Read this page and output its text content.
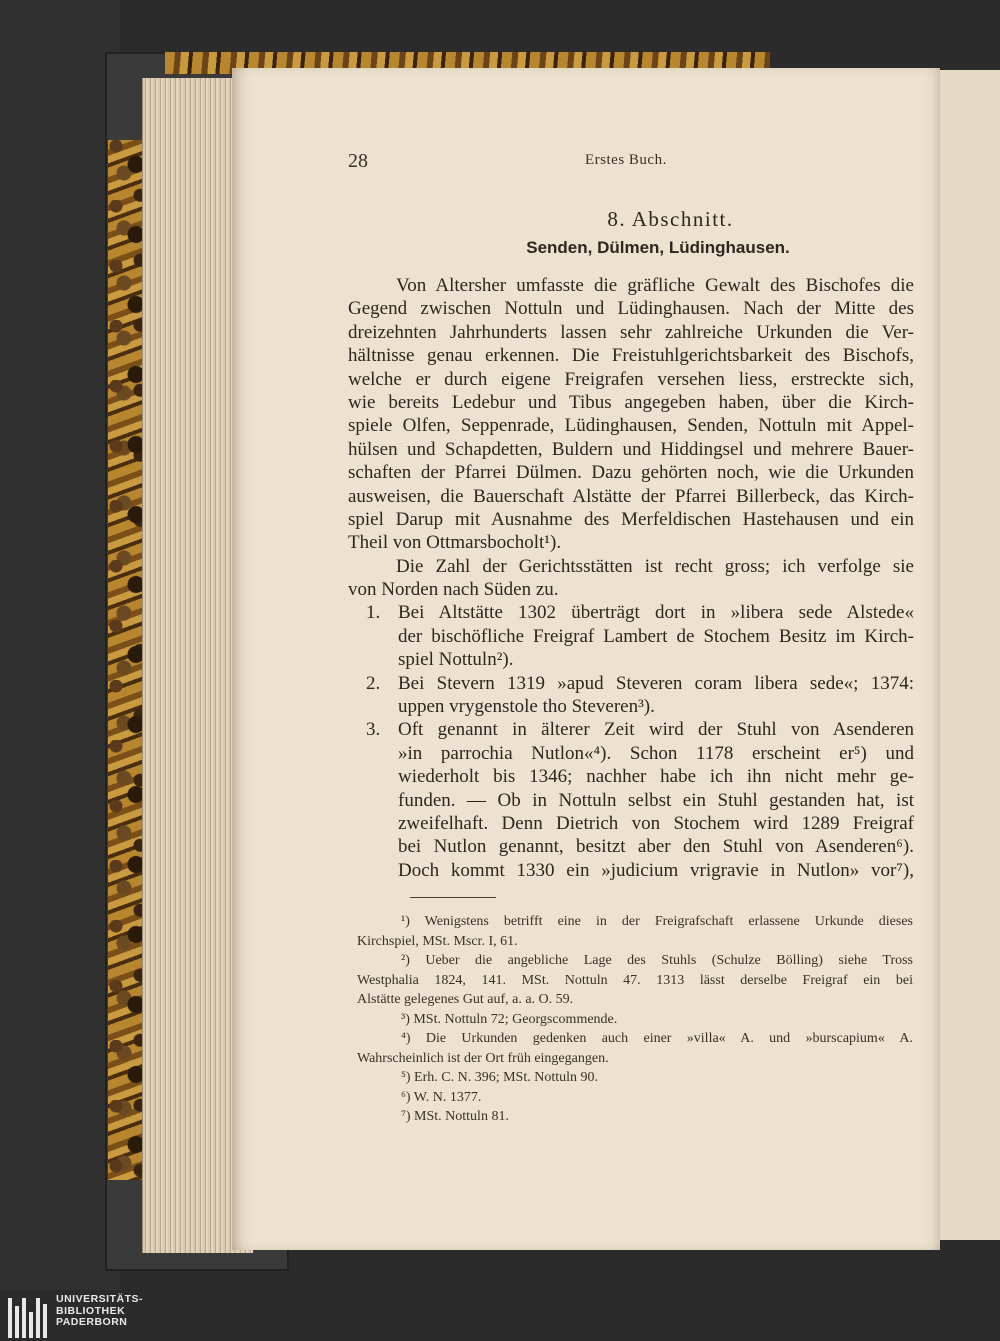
28	Erstes Buch.
8. Abschnitt.
Senden, Dülmen, Lüdinghausen.
Von Altersher umfasste die gräfliche Gewalt des Bischofes die
Gegend zwischen Nottuln und Lüdinghausen. Nach der Mitte des
dreizehnten Jahrhunderts lassen sehr zahlreiche Urkunden die Ver-
hältnisse genau erkennen. Die Freistuhlgerichtsbarkeit des Bischofs,
welche er durch eigene Freigrafen versehen liess, erstreckte sich,
wie bereits Ledebur und Tibus angegeben haben, über die Kirch-
spiele Olfen, Seppenrade, Lüdinghausen, Senden, Nottuln mit Appel-
hülsen und Schapdetten, Buldern und Hiddingsel und mehrere Bauer-
schaften der Pfarrei Dülmen. Dazu gehörten noch, wie die Urkunden
ausweisen, die Bauerschaft Alstätte der Pfarrei Billerbeck, das Kirch-
spiel Darup mit Ausnahme des Merfeldischen Hastehausen und ein
Theil von Ottmarsbocholt¹).
Die Zahl der Gerichtsstätten ist recht gross; ich verfolge sie
von Norden nach Süden zu.
1. Bei Altstätte 1302 überträgt dort in »libera sede Alstede«
der bischöfliche Freigraf Lambert de Stochem Besitz im Kirch-
spiel Nottuln²).
2. Bei Stevern 1319 »apud Steveren coram libera sede«; 1374:
uppen vrygenstole tho Steveren³).
3. Oft genannt in älterer Zeit wird der Stuhl von Asenderen
»in parrochia Nutlon«⁴). Schon 1178 erscheint er⁵) und
wiederholt bis 1346; nachher habe ich ihn nicht mehr ge-
funden. — Ob in Nottuln selbst ein Stuhl gestanden hat, ist
zweifelhaft. Denn Dietrich von Stochem wird 1289 Freigraf
bei Nutlon genannt, besitzt aber den Stuhl von Asenderen⁶).
Doch kommt 1330 ein »judicium vrigravie in Nutlon» vor⁷),
¹) Wenigstens betrifft eine in der Freigrafschaft erlassene Urkunde dieses
Kirchspiel, MSt. Mscr. I, 61.
²) Ueber die angebliche Lage des Stuhls (Schulze Bölling) siehe Tross
Westphalia 1824, 141. MSt. Nottuln 47. 1313 lässt derselbe Freigraf ein bei
Alstätte gelegenes Gut auf, a. a. O. 59.
³) MSt. Nottuln 72; Georgscommende.
⁴) Die Urkunden gedenken auch einer »villa« A. und »burscapium« A.
Wahrscheinlich ist der Ort früh eingegangen.
⁵) Erh. C. N. 396; MSt. Nottuln 90.
⁶) W. N. 1377.
⁷) MSt. Nottuln 81.
UNIVERSITÄTS-
BIBLIOTHEK
PADERBORN
